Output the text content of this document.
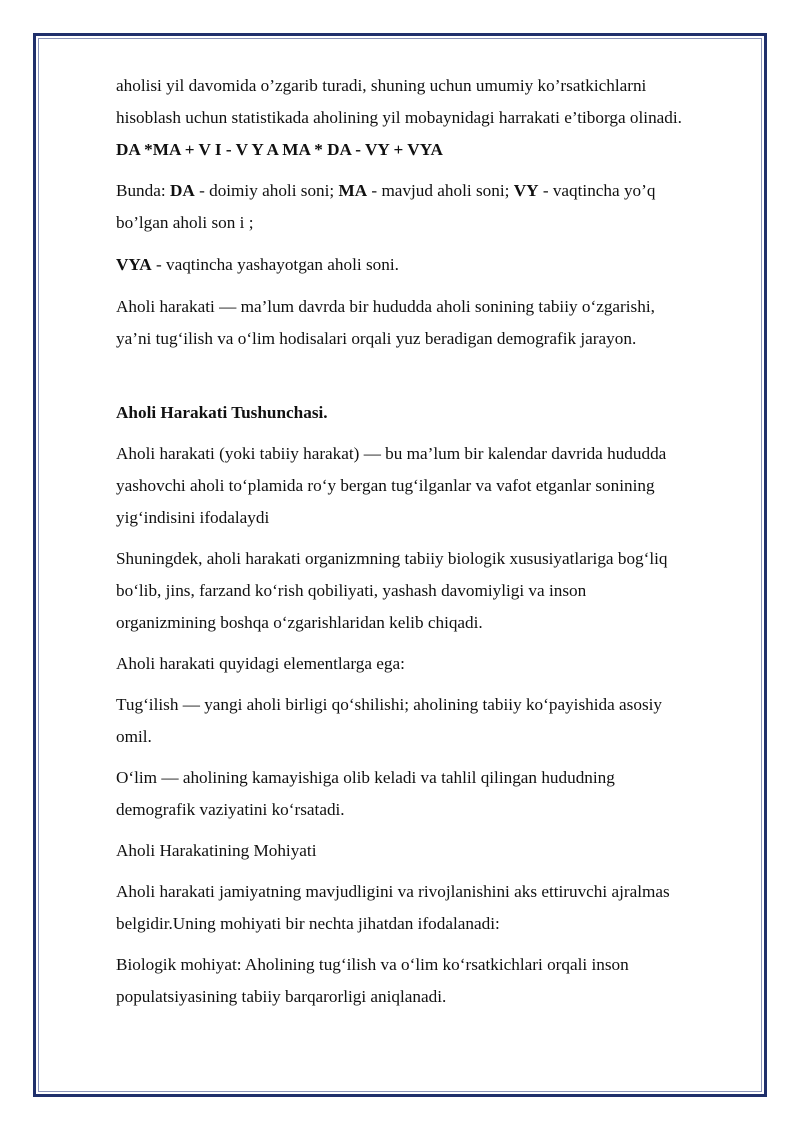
aholisi yil davomida o’zgarib turadi, shuning uchun umumiy ko’rsatkichlarni
hisoblash uchun statistikada aholining yil mobaynidagi harrakati e’tiborga olinadi.

DA *MA + V I - V Y A MA * DA - VY + VYA

Bunda: DA - doimiy aholi soni; MA - mavjud aholi soni; VY - vaqtincha yo’q
bo’lgan aholi son i ;

VYA - vaqtincha yashayotgan aholi soni.

Aholi harakati — ma’lum davrda bir hududda aholi sonining tabiiy o‘zgarishi,
ya’ni tug‘ilish va o‘lim hodisalari orqali yuz beradigan demografik jarayon.

Aholi Harakati Tushunchasi.

Aholi harakati (yoki tabiiy harakat) — bu ma’lum bir kalendar davrida hududda
yashovchi aholi to‘plamida ro‘y bergan tug‘ilganlar va vafot etganlar sonining
yig‘indisini ifodalaydi

Shuningdek, aholi harakati organizmning tabiiy biologik xususiyatlariga bog‘liq
bo‘lib, jins, farzand ko‘rish qobiliyati, yashash davomiyligi va inson
organizmining boshqa o‘zgarishlaridan kelib chiqadi.

Aholi harakati quyidagi elementlarga ega:

Tug‘ilish — yangi aholi birligi qo‘shilishi; aholining tabiiy ko‘payishida asosiy
omil.

O‘lim — aholining kamayishiga olib keladi va tahlil qilingan hududning
demografik vaziyatini ko‘rsatadi.

Aholi Harakatining Mohiyati

Aholi harakati jamiyatning mavjudligini va rivojlanishini aks ettiruvchi ajralmas
belgidir.Uning mohiyati bir nechta jihatdan ifodalanadi:

Biologik mohiyat: Aholining tug‘ilish va o‘lim ko‘rsatkichlari orqali inson
populatsiyasining tabiiy barqarorligi aniqlanadi.
